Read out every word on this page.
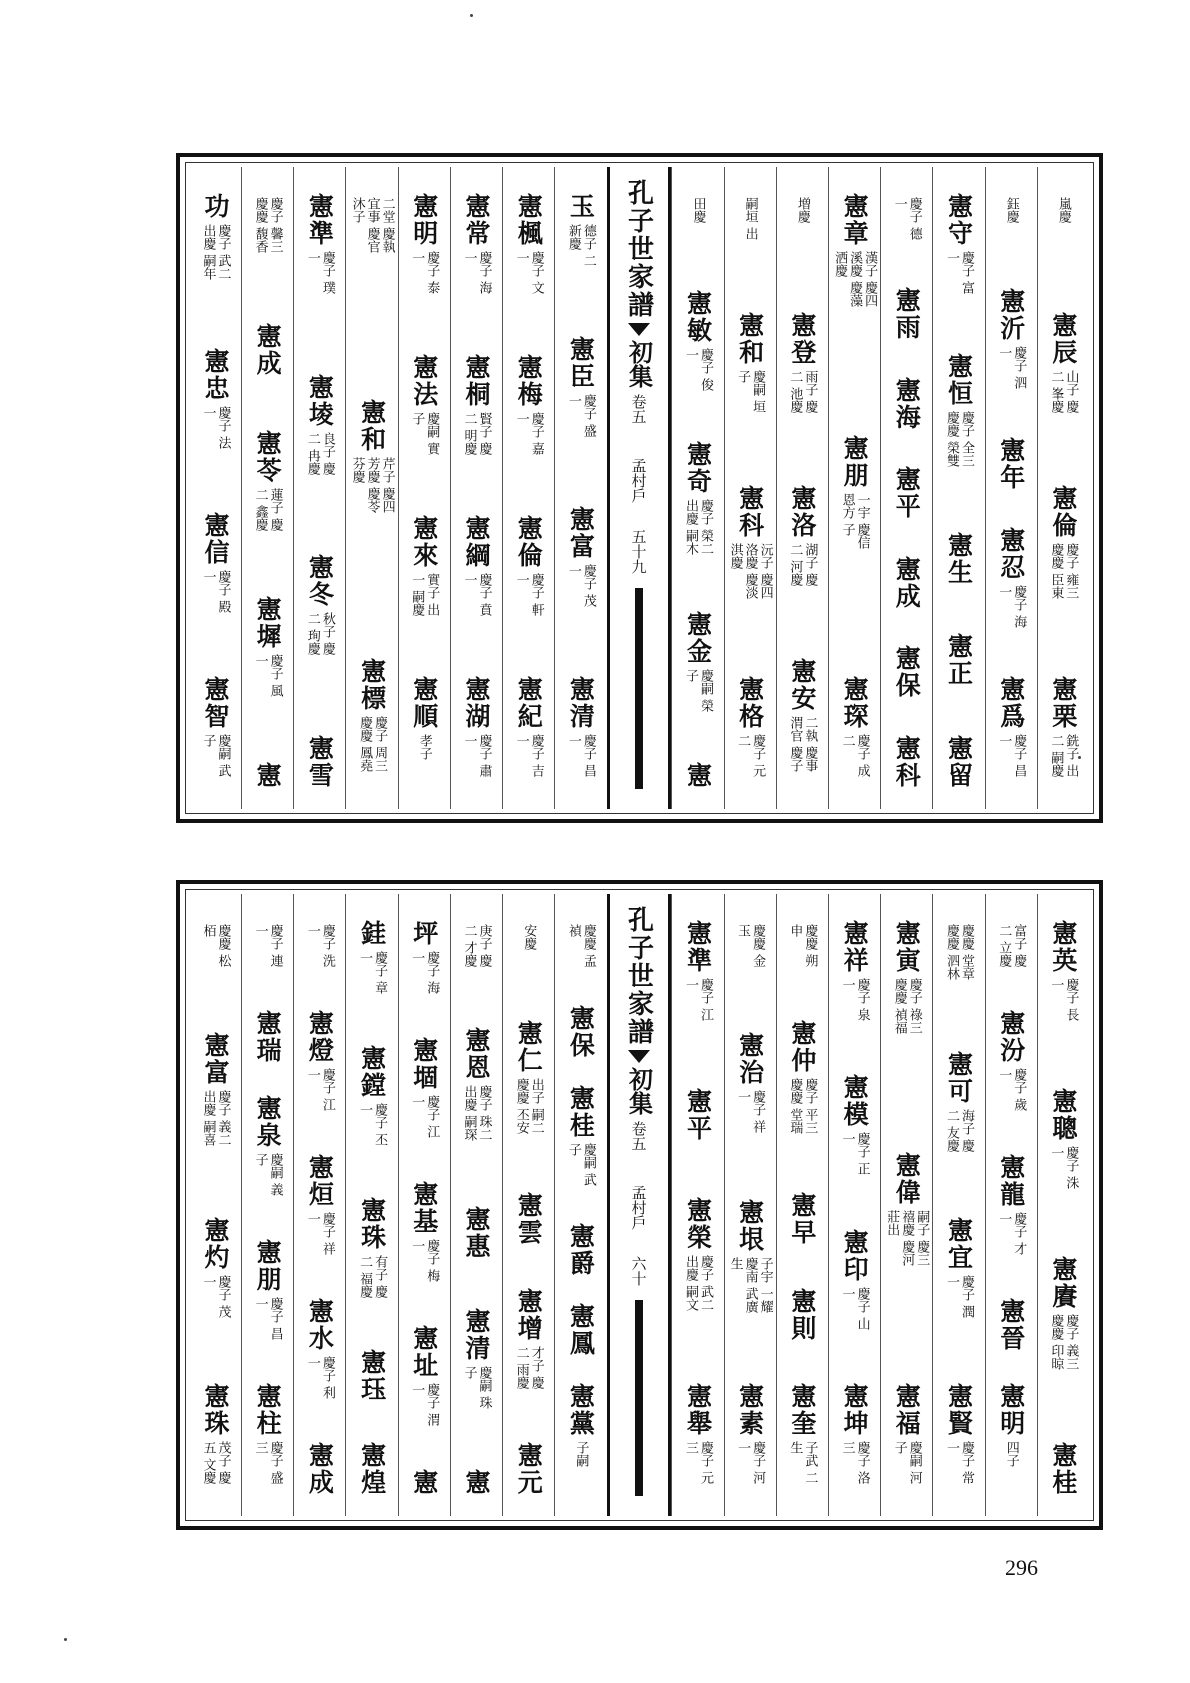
嵐慶
憲辰
山子 慶二 峯慶
憲倫
慶子 雍三 慶慶 臣東
憲栗
銑子 出二 嗣慶
鈺慶
憲沂
慶子 泗一
憲年
憲忍
慶子 海一
憲爲
慶子 昌一
憲守
慶子 富一
憲恒
慶子 全三 慶慶 榮雙
憲生
憲正
憲留
慶子 德一
憲雨
憲海
憲平
憲成
憲保
憲科
憲章
漢子 慶四 溪慶 慶藻 洒慶
憲朋
一宇 慶信 恩方 子
憲琛
慶子 成二
増慶
憲登
雨子 慶二 池慶
憲洛
湖子 慶二 河慶
憲安
二執 慶事 渭官 慶子
嗣垣 出
憲和
慶嗣 垣子
憲科
沅子 慶四 洛慶 慶淡 淇慶
憲格
慶子 元二
田慶
憲敏
慶子 俊一
憲奇
慶子 榮二 出慶 嗣木
憲金
慶嗣 榮子
憲
孔子世家譜
初集
卷五
孟村戶
五十九
玉
德子 二 新慶
憲臣
慶子 盛一
憲富
慶子 茂一
憲清
慶子 昌一
憲楓
慶子 文一
憲梅
慶子 嘉一
憲倫
慶子 軒一
憲紀
慶子 吉一
憲常
慶子 海一
憲桐
賢子 慶二 明慶
憲綱
慶子 賁一
憲湖
慶子 肅一
憲明
慶子 泰一
憲法
慶嗣 實子
憲來
實子 出一 嗣慶
憲順
孝子
二堂 慶執 宜事 慶官 沐子
憲和
芹子 慶四 芳慶 慶苓 芬慶
憲標
慶子 周三 慶慶 鳳堯
憲準
慶子 璞一
憲堎
良子 慶二 冉慶
憲冬
秋子 慶二 珣慶
憲雪
慶子 馨三 慶慶 馥香
憲成
憲苓
蓮子 慶二 鑫慶
憲墀
慶子 風一
憲
功
慶子 武二 出慶 嗣年
憲忠
慶子 法一
憲信
慶子 殿一
憲智
慶嗣 武子
憲英
慶子 長一
憲聰
慶子 洙一
憲賡
慶子 義三 慶慶 印晾
憲桂
富子 慶二 立慶
憲汾
慶子 歲一
憲龍
慶子 才一
憲晉
憲明
四子
慶慶 堂章 慶慶 泗林
憲可
海子 慶二 友慶
憲宜
慶子 潤一
憲賢
慶子 常一
憲寅
慶子 祿三 慶慶 禎福
憲偉
嗣子 慶三 禧慶 慶河 莊出
憲福
慶嗣 河子
憲祥
慶子 泉一
憲模
慶子 正一
憲印
慶子 山一
憲坤
慶子 洛三
慶慶 朔申
憲仲
慶子 平三 慶慶 堂瑞
憲早
憲則
憲奎
子武 二生
慶慶 金玉
憲治
慶子 祥一
憲垠
子宇 一耀 慶南 武廣 生
憲素
慶子 河一
憲準
慶子 江一
憲平
憲榮
慶子 武二 出慶 嗣文
憲舉
慶子 元三
孔子世家譜
初集
卷五
孟村戶
六十
慶慶 孟禎
憲保
憲桂
慶嗣 武子
憲爵
憲鳳
憲黨
子嗣
安慶
憲仁
出子 嗣二 慶慶 丕安
憲雲
憲增
才子 慶二 雨慶
憲元
庚子 慶二 才慶
憲恩
慶子 珠二 出慶 嗣琛
憲惠
憲清
慶嗣 珠子
憲
坪
慶子 海一
憲堌
慶子 江一
憲基
慶子 梅一
憲址
慶子 渭一
憲
銈
慶子 章一
憲鏜
慶子 丕一
憲珠
有子 慶二 福慶
憲珏
憲煌
慶子 洗一
憲燈
慶子 江一
憲烜
慶子 祥一
憲水
慶子 利一
憲成
慶子 連一
憲瑞
憲泉
慶嗣 義子
憲朋
慶子 昌一
憲柱
慶子 盛三
慶慶 松栢
憲富
慶子 義二 出慶 嗣喜
憲灼
慶子 茂一
憲珠
茂子 慶五 文慶
296
